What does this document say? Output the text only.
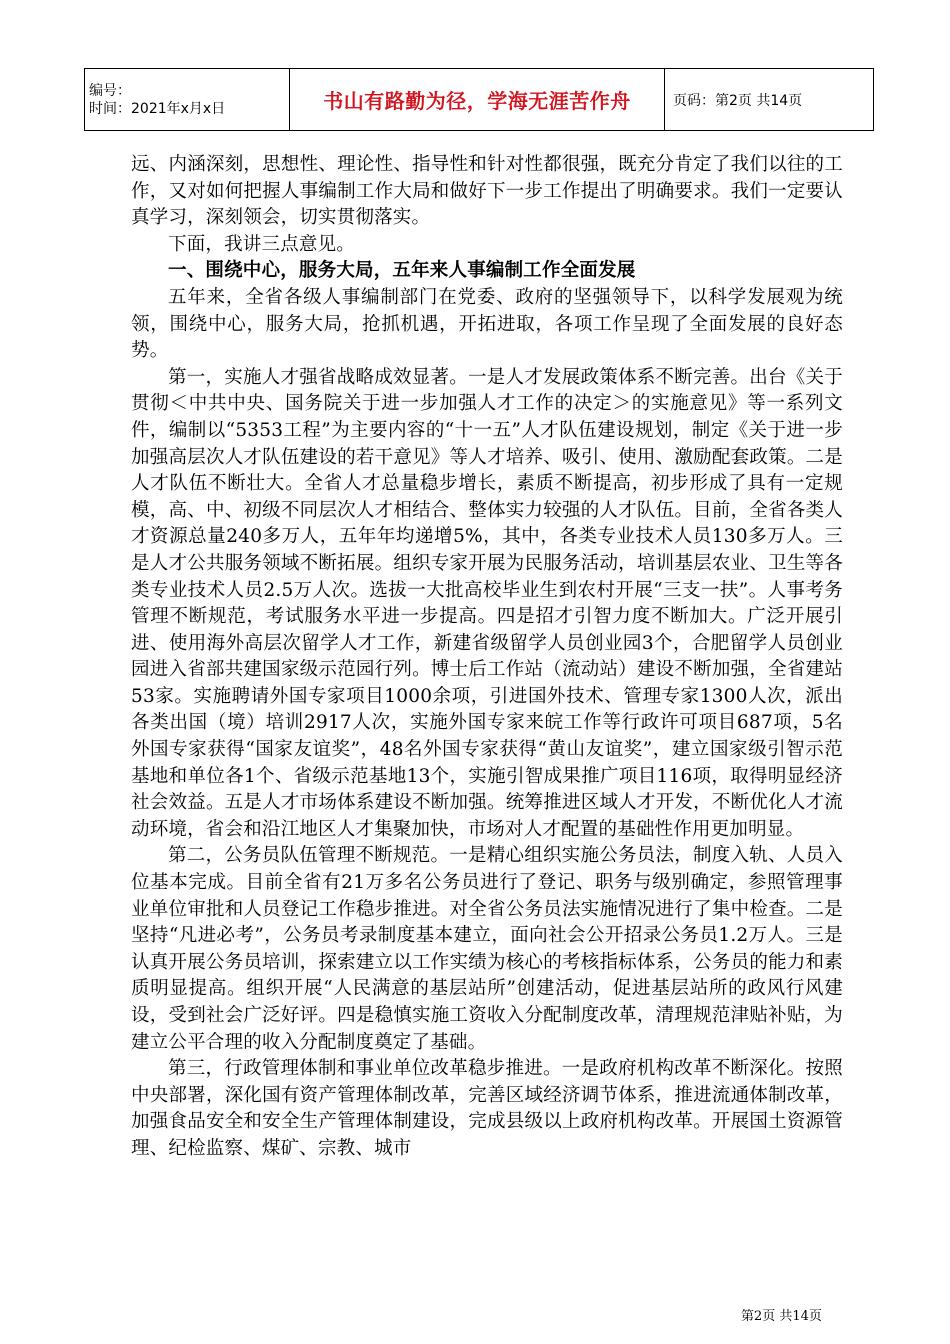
编号：
时间：2021年x月x日	书山有路勤为径，学海无涯苦作舟	页码：第2页 共14页

远、内涵深刻，思想性、理论性、指导性和针对性都很强，既充分肯定了我们以往的工作，又对如何把握人事编制工作大局和做好下一步工作提出了明确要求。我们一定要认真学习，深刻领会，切实贯彻落实。

下面，我讲三点意见。

一、围绕中心，服务大局，五年来人事编制工作全面发展

五年来，全省各级人事编制部门在党委、政府的坚强领导下，以科学发展观为统领，围绕中心，服务大局，抢抓机遇，开拓进取，各项工作呈现了全面发展的良好态势。

第一，实施人才强省战略成效显著。一是人才发展政策体系不断完善。出台《关于贯彻＜中共中央、国务院关于进一步加强人才工作的决定＞的实施意见》等一系列文件，编制以“5353工程”为主要内容的“十一五”人才队伍建设规划，制定《关于进一步加强高层次人才队伍建设的若干意见》等人才培养、吸引、使用、激励配套政策。二是人才队伍不断壮大。全省人才总量稳步增长，素质不断提高，初步形成了具有一定规模，高、中、初级不同层次人才相结合、整体实力较强的人才队伍。目前，全省各类人才资源总量240多万人，五年年均递增5%，其中，各类专业技术人员130多万人。三是人才公共服务领域不断拓展。组织专家开展为民服务活动，培训基层农业、卫生等各类专业技术人员2.5万人次。选拔一大批高校毕业生到农村开展“三支一扶”。人事考务管理不断规范，考试服务水平进一步提高。四是招才引智力度不断加大。广泛开展引进、使用海外高层次留学人才工作，新建省级留学人员创业园3个，合肥留学人员创业园进入省部共建国家级示范园行列。博士后工作站（流动站）建设不断加强，全省建站53家。实施聘请外国专家项目1000余项，引进国外技术、管理专家1300人次，派出各类出国（境）培训2917人次，实施外国专家来皖工作等行政许可项目687项，5名外国专家获得“国家友谊奖”，48名外国专家获得“黄山友谊奖”，建立国家级引智示范基地和单位各1个、省级示范基地13个，实施引智成果推广项目116项，取得明显经济社会效益。五是人才市场体系建设不断加强。统筹推进区域人才开发，不断优化人才流动环境，省会和沿江地区人才集聚加快，市场对人才配置的基础性作用更加明显。

第二，公务员队伍管理不断规范。一是精心组织实施公务员法，制度入轨、人员入位基本完成。目前全省有21万多名公务员进行了登记、职务与级别确定，参照管理事业单位审批和人员登记工作稳步推进。对全省公务员法实施情况进行了集中检查。二是坚持“凡进必考”，公务员考录制度基本建立，面向社会公开招录公务员1.2万人。三是认真开展公务员培训，探索建立以工作实绩为核心的考核指标体系，公务员的能力和素质明显提高。组织开展“人民满意的基层站所”创建活动，促进基层站所的政风行风建设，受到社会广泛好评。四是稳慎实施工资收入分配制度改革，清理规范津贴补贴，为建立公平合理的收入分配制度奠定了基础。

第三，行政管理体制和事业单位改革稳步推进。一是政府机构改革不断深化。按照中央部署，深化国有资产管理体制改革，完善区域经济调节体系，推进流通体制改革，加强食品安全和安全生产管理体制建设，完成县级以上政府机构改革。开展国土资源管理、纪检监察、煤矿、宗教、城市

第2页 共14页
